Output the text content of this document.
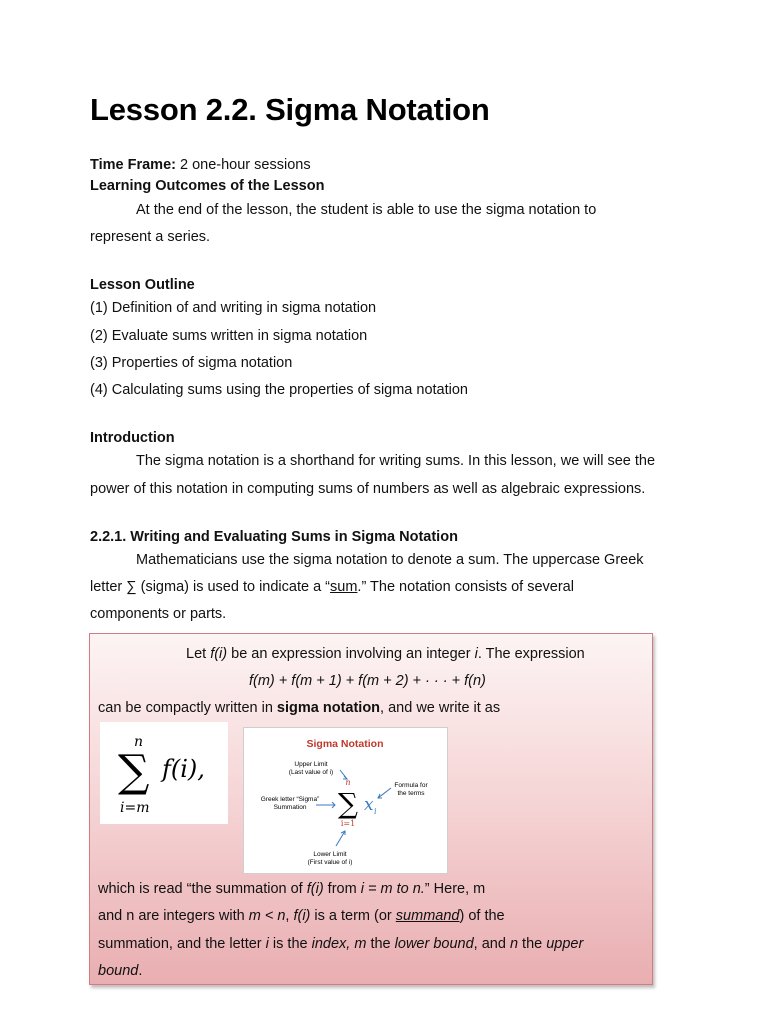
Lesson 2.2. Sigma Notation
Time Frame: 2 one-hour sessions
Learning Outcomes of the Lesson
At the end of the lesson, the student is able to use the sigma notation to
represent a series.
Lesson Outline
(1) Definition of and writing in sigma notation
(2) Evaluate sums written in sigma notation
(3) Properties of sigma notation
(4) Calculating sums using the properties of sigma notation
Introduction
The sigma notation is a shorthand for writing sums. In this lesson, we will see the
power of this notation in computing sums of numbers as well as algebraic expressions.
2.2.1. Writing and Evaluating Sums in Sigma Notation
Mathematicians use the sigma notation to denote a sum. The uppercase Greek
letter ∑ (sigma) is used to indicate a “sum.” The notation consists of several
components or parts.
Let f(i) be an expression involving an integer i. The expression
f(m) + f(m + 1) + f(m + 2) + · · · + f(n)
can be compactly written in sigma notation, and we write it as
n
∑ f(i),
i=m
Sigma Notation
Upper Limit
(Last value of i)
Formula for
the terms
Greek letter “Sigma”
Summation
n
∑
i=1
x i
Lower Limit
(First value of i)
which is read “the summation of f(i) from i = m to n.” Here, m
and n are integers with m < n, f(i) is a term (or summand) of the
summation, and the letter i is the index, m the lower bound, and n the upper
bound.
